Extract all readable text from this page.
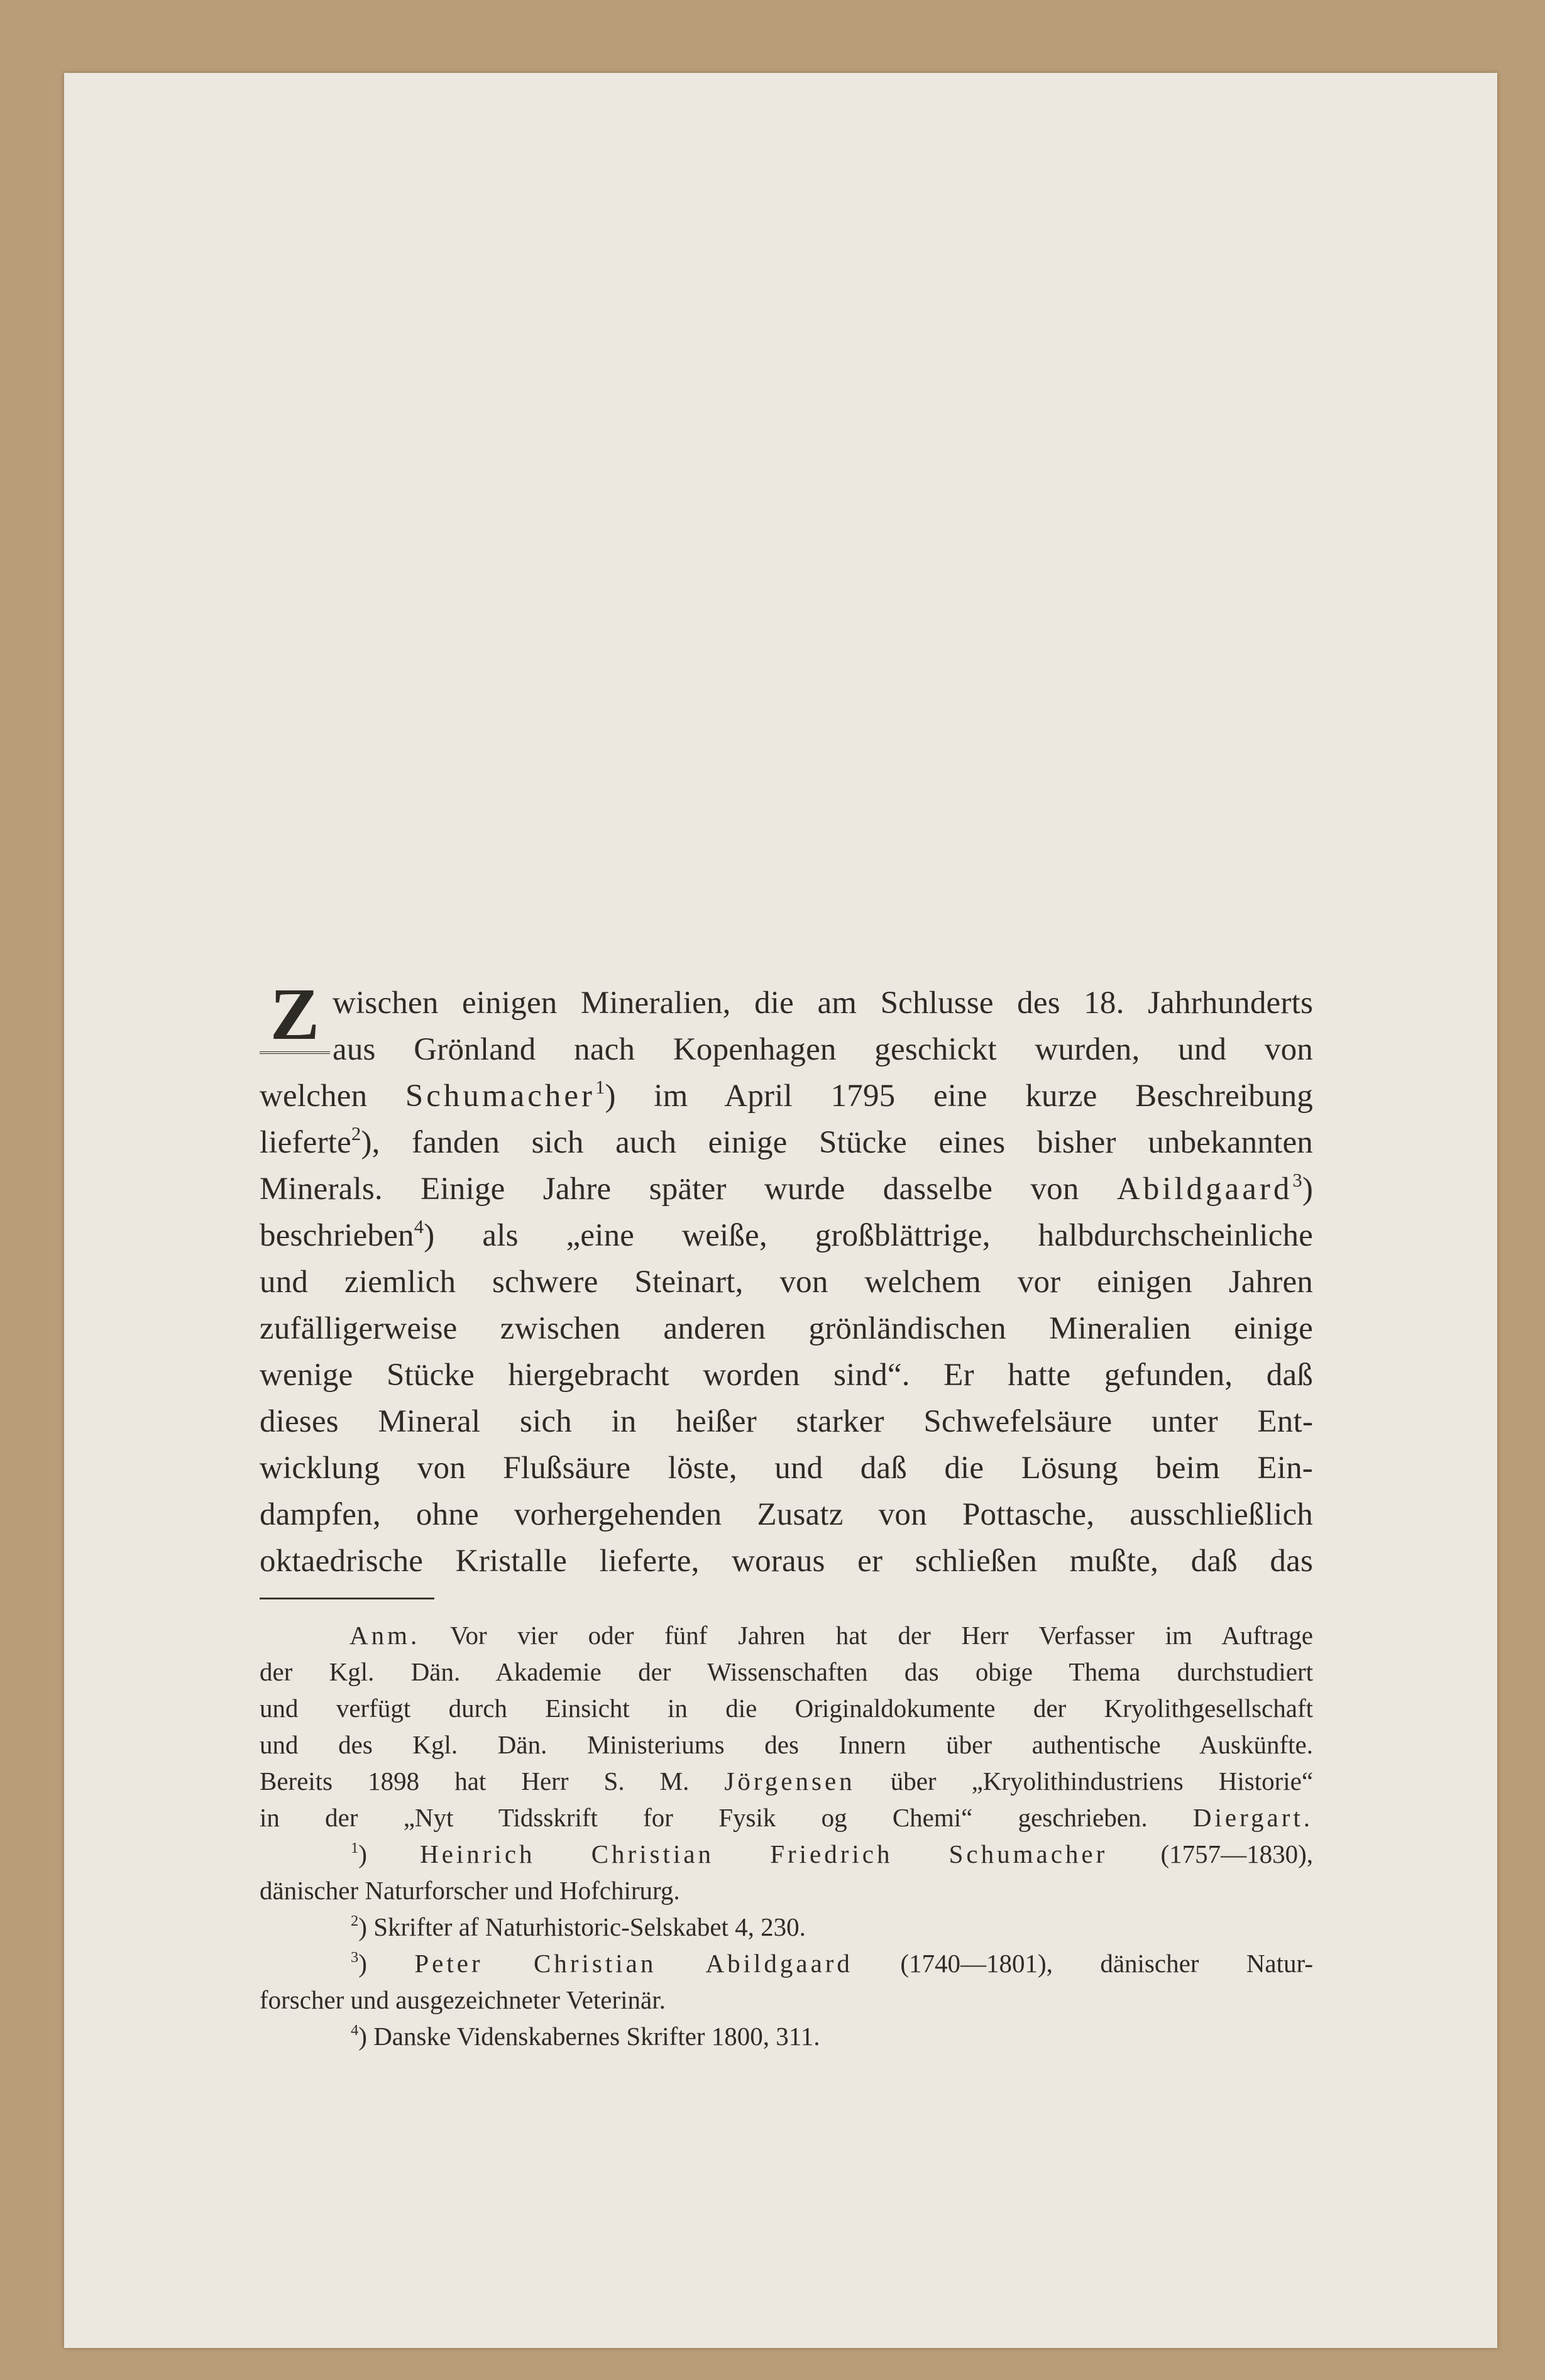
Z wischen einigen Mineralien, die am Schlusse des 18. Jahrhunderts
aus Grönland nach Kopenhagen geschickt wurden, und von
welchen Schumacher$^1$) im April 1795 eine kurze Beschreibung
lieferte$^2$), fanden sich auch einige Stücke eines bisher unbekannten
Minerals. Einige Jahre später wurde dasselbe von Abildgaard$^3$)
beschrieben$^4$) als „eine weiße, großblättrige, halbdurchscheinliche
und ziemlich schwere Steinart, von welchem vor einigen Jahren
zufälligerweise zwischen anderen grönländischen Mineralien einige
wenige Stücke hiergebracht worden sind“. Er hatte gefunden, daß
dieses Mineral sich in heißer starker Schwefelsäure unter Ent-
wicklung von Flußsäure löste, und daß die Lösung beim Ein-
dampfen, ohne vorhergehenden Zusatz von Pottasche, ausschließlich
oktaedrische Kristalle lieferte, woraus er schließen mußte, daß das
Anm. Vor vier oder fünf Jahren hat der Herr Verfasser im Auftrage
der Kgl. Dän. Akademie der Wissenschaften das obige Thema durchstudiert
und verfügt durch Einsicht in die Originaldokumente der Kryolithgesellschaft
und des Kgl. Dän. Ministeriums des Innern über authentische Auskünfte.
Bereits 1898 hat Herr S. M. Jörgensen über „Kryolithindustriens Historie“
in der „Nyt Tidsskrift for Fysik og Chemi“ geschrieben. Diergart.
$^1$) Heinrich Christian Friedrich Schumacher (1757—1830),
dänischer Naturforscher und Hofchirurg.
$^2$) Skrifter af Naturhistoric-Selskabet 4, 230.
$^3$) Peter Christian Abildgaard (1740—1801), dänischer Natur-
forscher und ausgezeichneter Veterinär.
$^4$) Danske Videnskabernes Skrifter 1800, 311.
